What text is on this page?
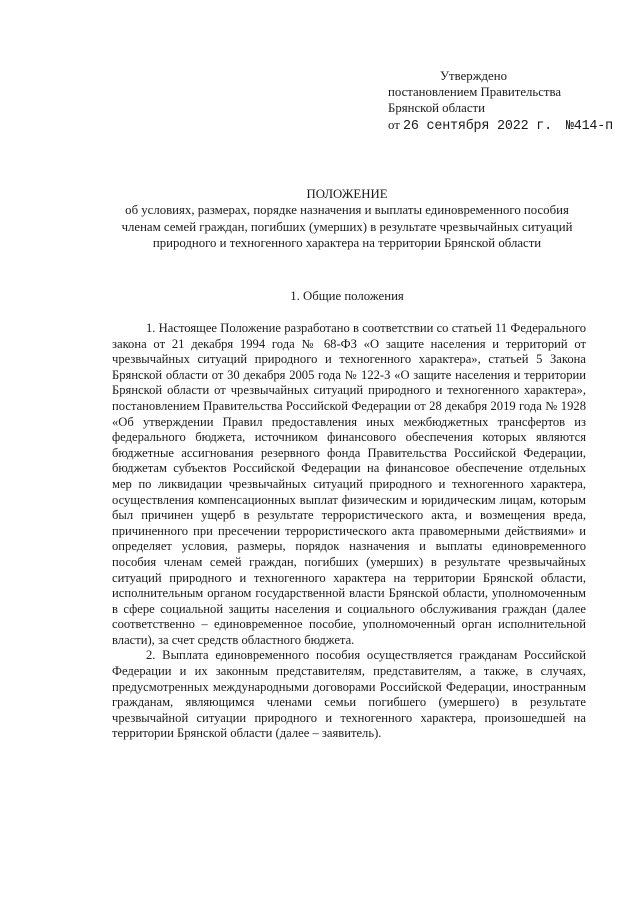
Утверждено
постановлением Правительства
Брянской области
от 26 сентября 2022 г. №414-п
ПОЛОЖЕНИЕ
об условиях, размерах, порядке назначения и выплаты единовременного пособия членам семей граждан, погибших (умерших) в результате чрезвычайных ситуаций природного и техногенного характера на территории Брянской области
1. Общие положения

1. Настоящее Положение разработано в соответствии со статьей 11 Федерального закона от 21 декабря 1994 года № 68-ФЗ «О защите населения и территорий от чрезвычайных ситуаций природного и техногенного характера», статьей 5 Закона Брянской области от 30 декабря 2005 года № 122-З «О защите населения и территории Брянской области от чрезвычайных ситуаций природного и техногенного характера», постановлением Правительства Российской Федерации от 28 декабря 2019 года № 1928 «Об утверждении Правил предоставления иных межбюджетных трансфертов из федерального бюджета, источником финансового обеспечения которых являются бюджетные ассигнования резервного фонда Правительства Российской Федерации, бюджетам субъектов Российской Федерации на финансовое обеспечение отдельных мер по ликвидации чрезвычайных ситуаций природного и техногенного характера, осуществления компенсационных выплат физическим и юридическим лицам, которым был причинен ущерб в результате террористического акта, и возмещения вреда, причиненного при пресечении террористического акта правомерными действиями» и определяет условия, размеры, порядок назначения и выплаты единовременного пособия членам семей граждан, погибших (умерших) в результате чрезвычайных ситуаций природного и техногенного характера на территории Брянской области, исполнительным органом государственной власти Брянской области, уполномоченным в сфере социальной защиты населения и социального обслуживания граждан (далее соответственно – единовременное пособие, уполномоченный орган исполнительной власти), за счет средств областного бюджета.

2. Выплата единовременного пособия осуществляется гражданам Российской Федерации и их законным представителям, представителям, а также, в случаях, предусмотренных международными договорами Российской Федерации, иностранным гражданам, являющимся членами семьи погибшего (умершего) в результате чрезвычайной ситуации природного и техногенного характера, произошедшей на территории Брянской области (далее – заявитель).
